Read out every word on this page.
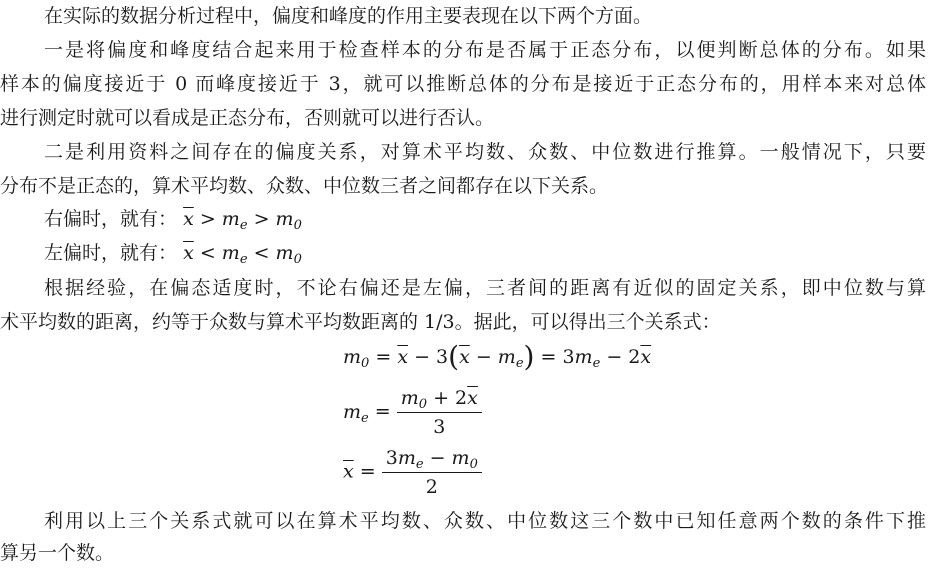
在实际的数据分析过程中，偏度和峰度的作用主要表现在以下两个方面。
一是将偏度和峰度结合起来用于检查样本的分布是否属于正态分布，以便判断总体的分布。如果
样本的偏度接近于 0 而峰度接近于 3，就可以推断总体的分布是接近于正态分布的，用样本来对总体
进行测定时就可以看成是正态分布，否则就可以进行否认。
二是利用资料之间存在的偏度关系，对算术平均数、众数、中位数进行推算。一般情况下，只要
分布不是正态的，算术平均数、众数、中位数三者之间都存在以下关系。
右偏时，就有： $\overline{x} > m_e > m_0$
左偏时，就有： $\overline{x} < m_e < m_0$
根据经验，在偏态适度时，不论右偏还是左偏，三者间的距离有近似的固定关系，即中位数与算
术平均数的距离，约等于众数与算术平均数距离的 1/3。据此，可以得出三个关系式：
$m_0 = \overline{x} - 3(\overline{x} - m_e) = 3m_e - 2\overline{x}$
$m_e = \frac{m_0 + 2\overline{x}}{3}$
$\overline{x} = \frac{3m_e - m_0}{2}$
利用以上三个关系式就可以在算术平均数、众数、中位数这三个数中已知任意两个数的条件下推
算另一个数。
